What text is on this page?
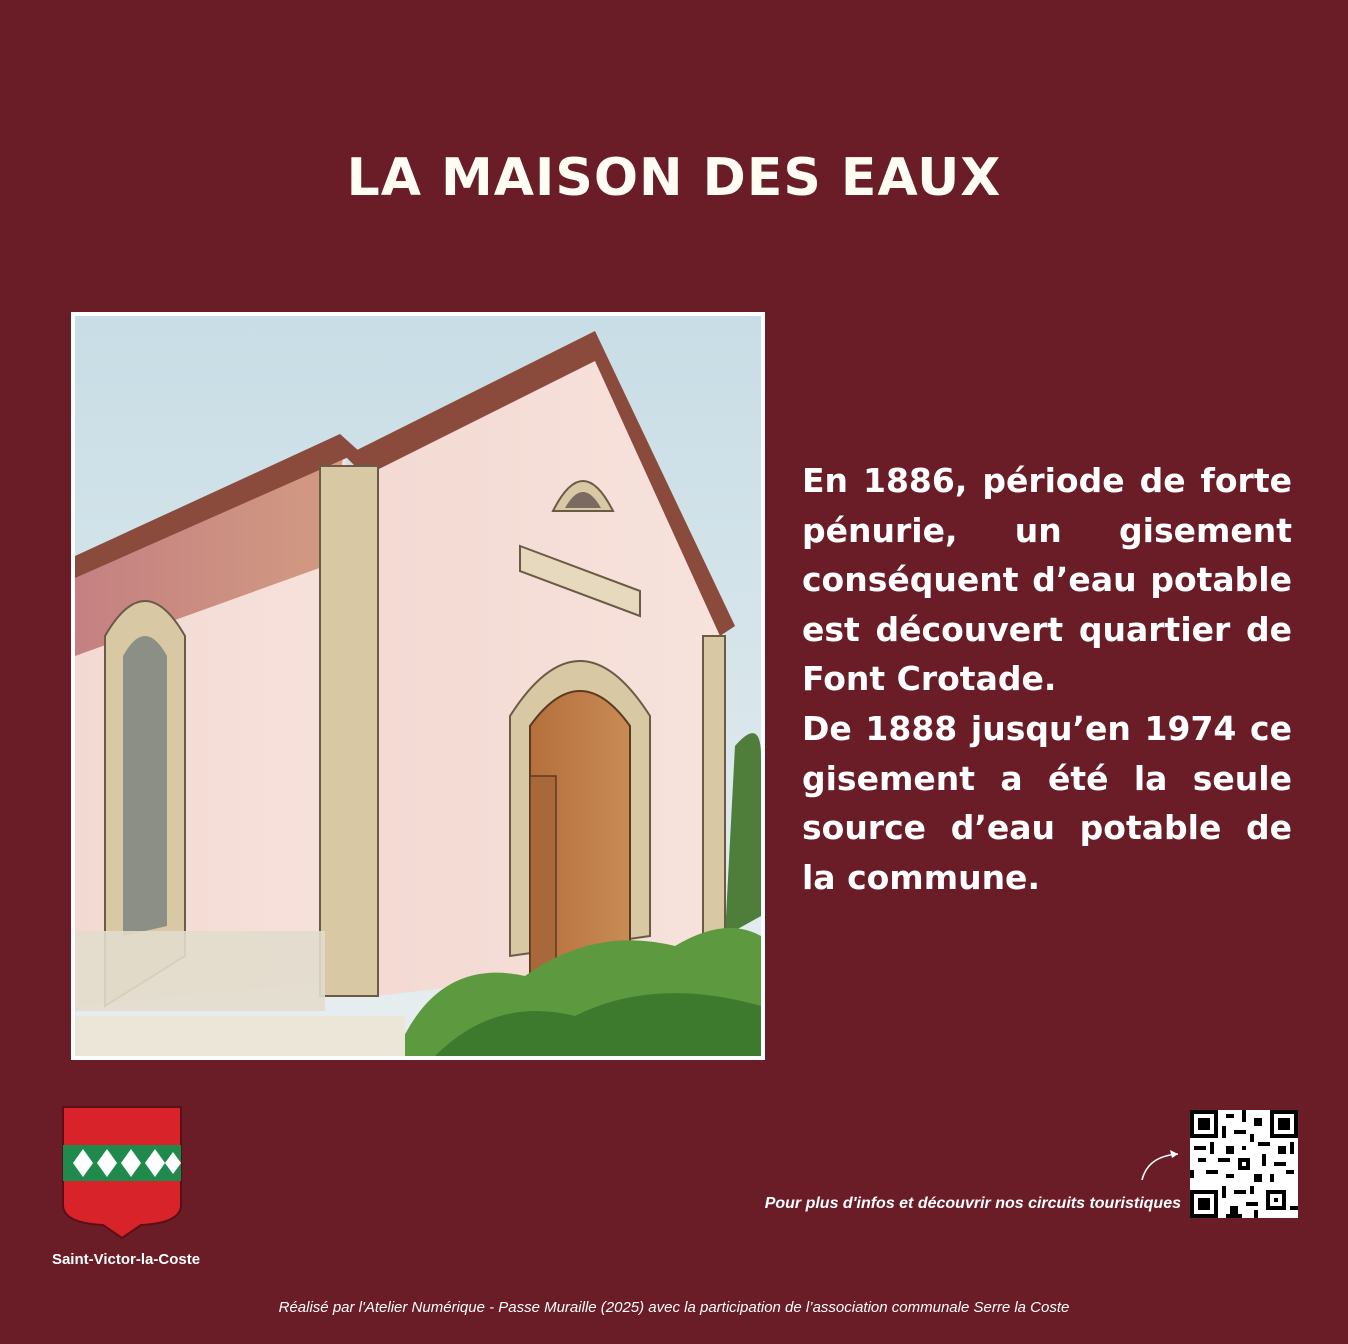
LA MAISON DES EAUX

En 1886, période de forte pénurie, un gisement conséquent d’eau potable est découvert quartier de Font Crotade.

De 1888 jusqu’en 1974 ce gisement a été la seule source d’eau potable de la commune.

Saint-Victor-la-Coste
Pour plus d'infos et découvrir nos circuits touristiques
Réalisé par l'Atelier Numérique - Passe Muraille (2025) avec la participation de l’association communale Serre la Coste
